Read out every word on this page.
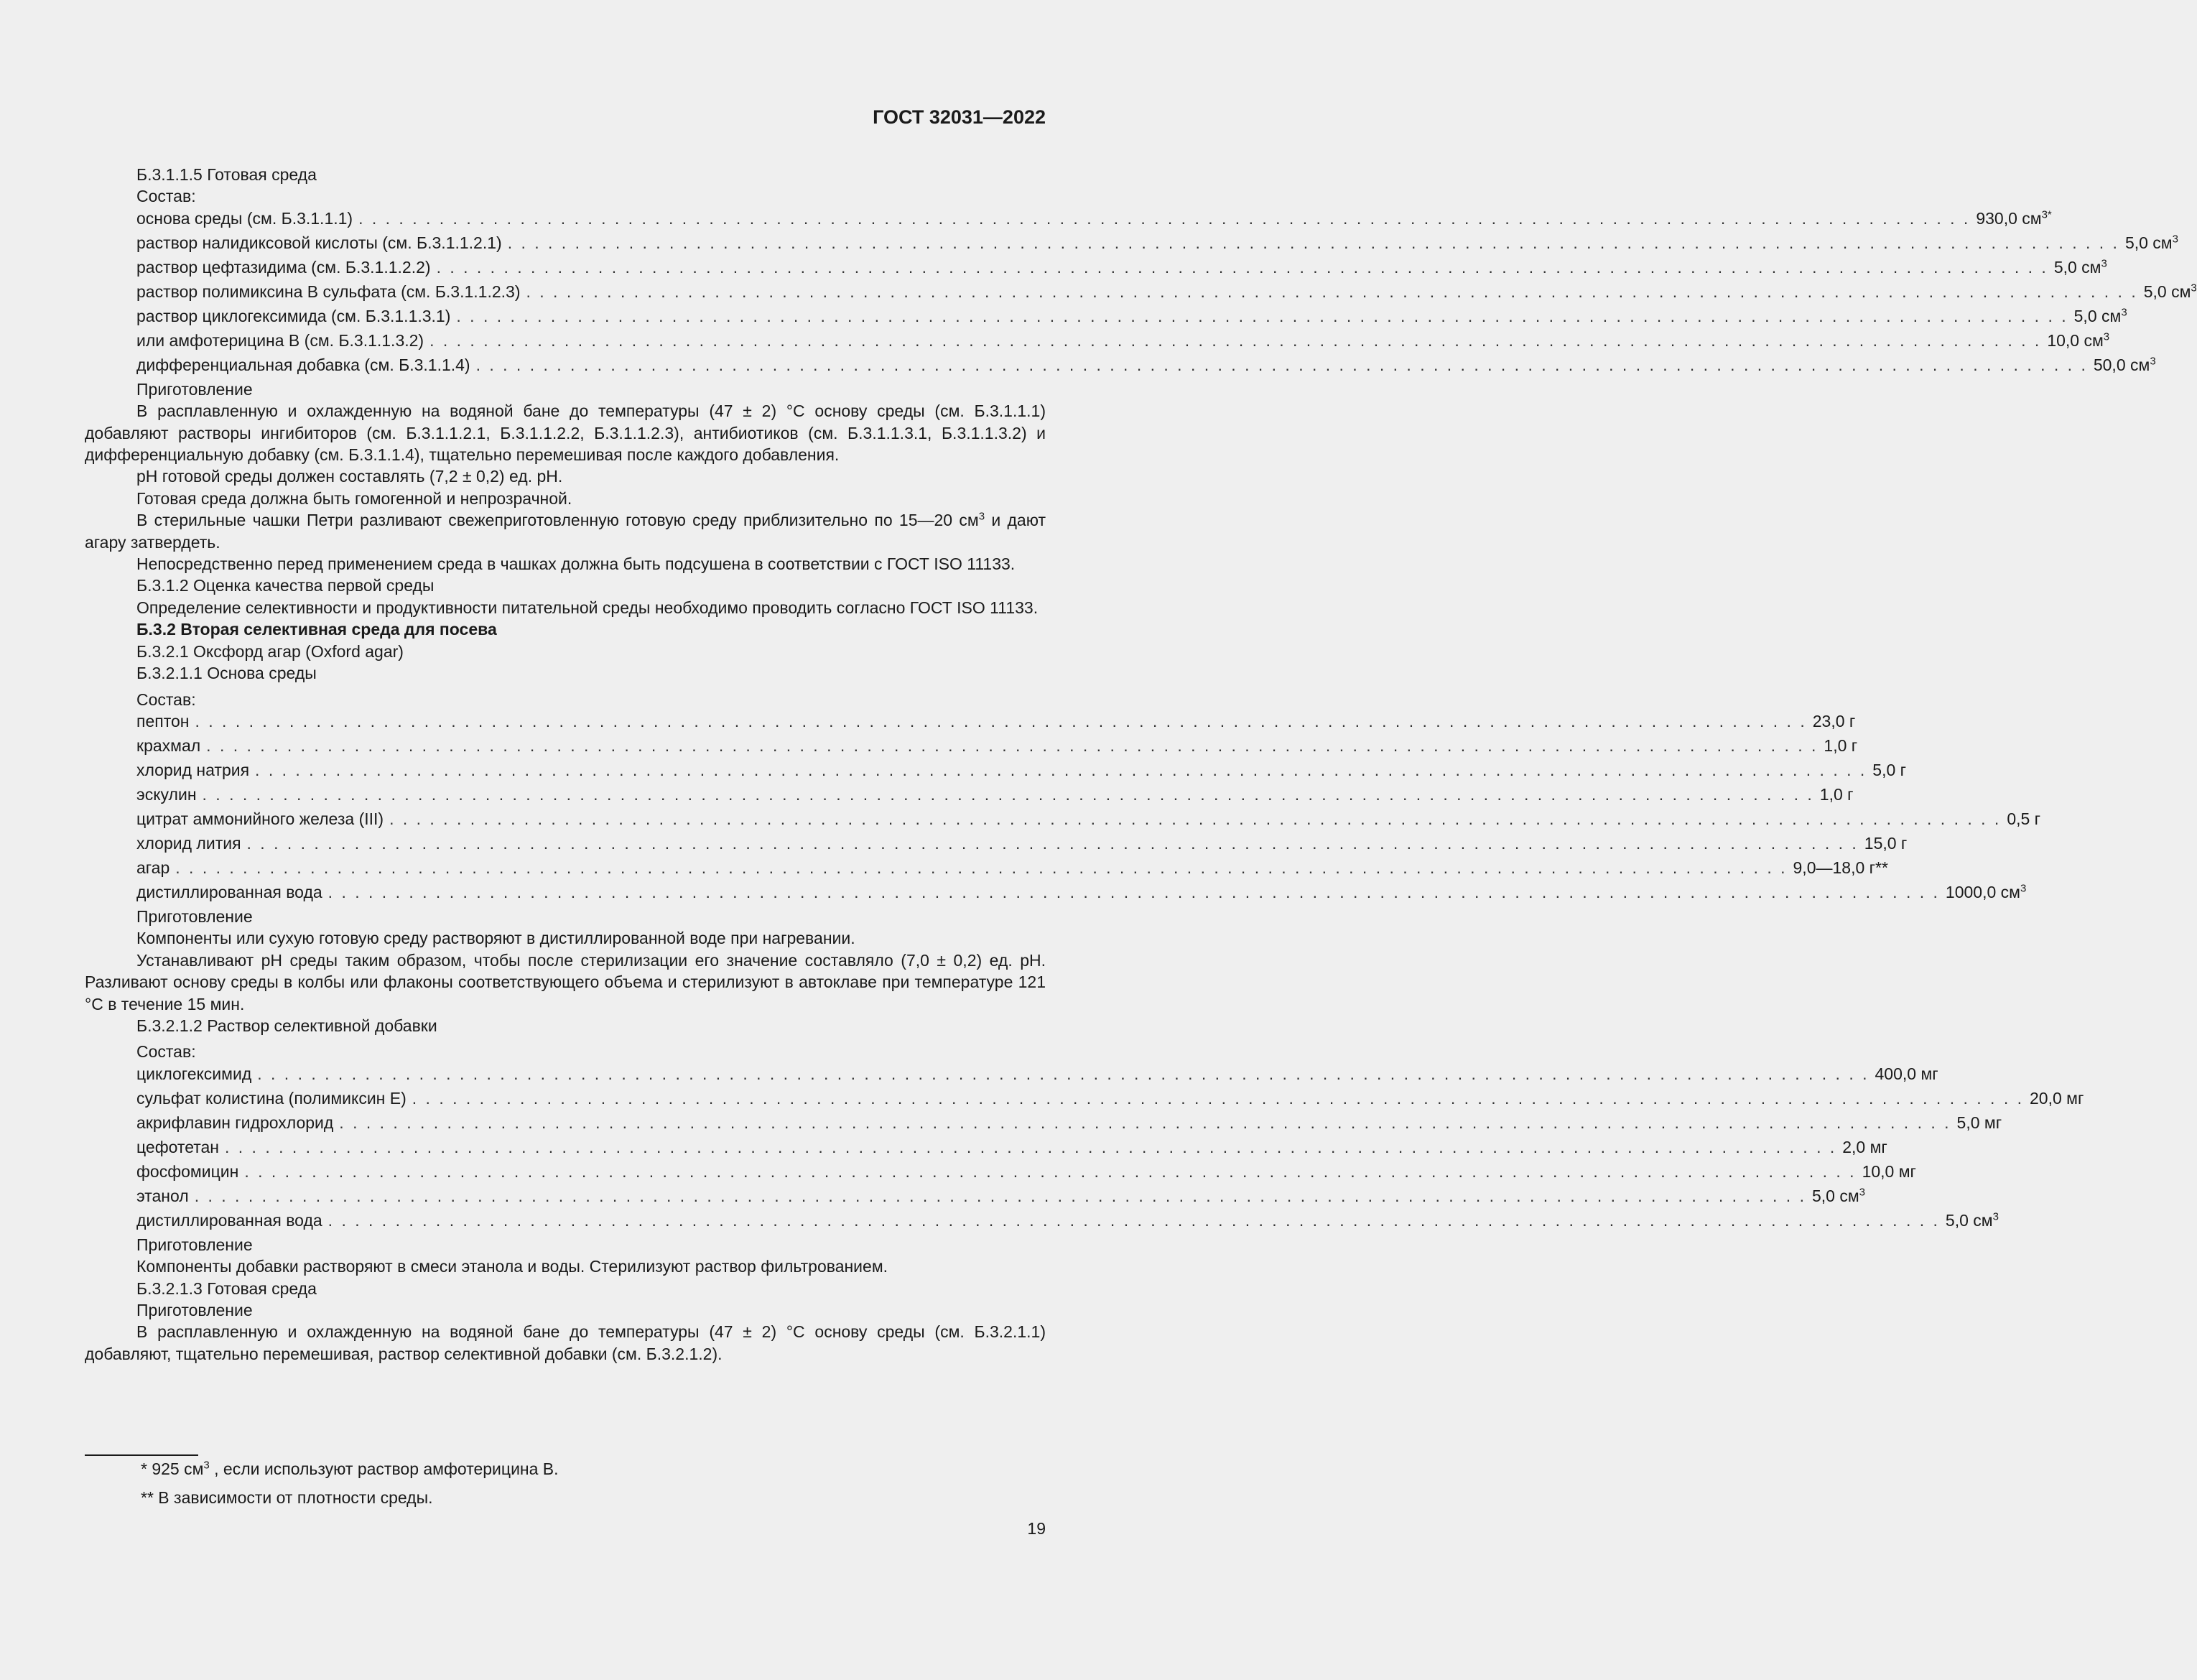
ГОСТ 32031—2022

Б.3.1.1.5 Готовая среда

Состав:

основа среды (см. Б.3.1.1.1) . . . . . . . . . . . . . . . . . . . . . . . . . . . . . . . . . . . . . . . . . . . . . . . . . . . . . . . . . . . . . . . . . . . . . . . . . . . . . . . . . . . . . . . . . . . . . . . . . . . . . . . . . . . . . . . . . . . . . . . . 930,0 $см^{3*}$
раствор налидиксовой кислоты (см. Б.3.1.1.2.1) . . . . . . . . . . . . . . . . . . . . . . . . . . . . . . . . . . . . . . . . . . . . . . . . . . . . . . . . . . . . . . . . . . . . . . . . . . . . . . . . . . . . . . . . . . . . . . . . . . . . . . . . . . . . . . . . . . . . . . . . 5,0 $см^3$
раствор цефтазидима (см. Б.3.1.1.2.2) . . . . . . . . . . . . . . . . . . . . . . . . . . . . . . . . . . . . . . . . . . . . . . . . . . . . . . . . . . . . . . . . . . . . . . . . . . . . . . . . . . . . . . . . . . . . . . . . . . . . . . . . . . . . . . . . . . . . . . . . 5,0 $см^3$
раствор полимиксина В сульфата (см. Б.3.1.1.2.3) . . . . . . . . . . . . . . . . . . . . . . . . . . . . . . . . . . . . . . . . . . . . . . . . . . . . . . . . . . . . . . . . . . . . . . . . . . . . . . . . . . . . . . . . . . . . . . . . . . . . . . . . . . . . . . . . . . . . . . . . 5,0 $см^3$
раствор циклогексимида (см. Б.3.1.1.3.1) . . . . . . . . . . . . . . . . . . . . . . . . . . . . . . . . . . . . . . . . . . . . . . . . . . . . . . . . . . . . . . . . . . . . . . . . . . . . . . . . . . . . . . . . . . . . . . . . . . . . . . . . . . . . . . . . . . . . . . . . 5,0 $см^3$
или амфотерицина В (см. Б.3.1.1.3.2) . . . . . . . . . . . . . . . . . . . . . . . . . . . . . . . . . . . . . . . . . . . . . . . . . . . . . . . . . . . . . . . . . . . . . . . . . . . . . . . . . . . . . . . . . . . . . . . . . . . . . . . . . . . . . . . . . . . . . . . . 10,0 $см^3$
дифференциальная добавка (см. Б.3.1.1.4) . . . . . . . . . . . . . . . . . . . . . . . . . . . . . . . . . . . . . . . . . . . . . . . . . . . . . . . . . . . . . . . . . . . . . . . . . . . . . . . . . . . . . . . . . . . . . . . . . . . . . . . . . . . . . . . . . . . . . . . . 50,0 $см^3$

Приготовление

В расплавленную и охлажденную на водяной бане до температуры (47 ± 2) °С основу среды (см. Б.3.1.1.1) добавляют растворы ингибиторов (см. Б.3.1.1.2.1, Б.3.1.1.2.2, Б.3.1.1.2.3), антибиотиков (см. Б.3.1.1.3.1, Б.3.1.1.3.2) и дифференциальную добавку (см. Б.3.1.1.4), тщательно перемешивая после каждого добавления.

pH готовой среды должен составлять (7,2 ± 0,2) ед. pH.

Готовая среда должна быть гомогенной и непрозрачной.

В стерильные чашки Петри разливают свежеприготовленную готовую среду приблизительно по 15—20 $см^3$ и дают агару затвердеть.

Непосредственно перед применением среда в чашках должна быть подсушена в соответствии с ГОСТ ISO 11133.

Б.3.1.2 Оценка качества первой среды

Определение селективности и продуктивности питательной среды необходимо проводить согласно ГОСТ ISO 11133.

Б.3.2 Вторая селективная среда для посева

Б.3.2.1 Оксфорд агар (Oxford agar)

Б.3.2.1.1 Основа среды

Состав:

пептон . . . . . . . . . . . . . . . . . . . . . . . . . . . . . . . . . . . . . . . . . . . . . . . . . . . . . . . . . . . . . . . . . . . . . . . . . . . . . . . . . . . . . . . . . . . . . . . . . . . . . . . . . . . . . . . . . . . . . . . . 23,0 г
крахмал . . . . . . . . . . . . . . . . . . . . . . . . . . . . . . . . . . . . . . . . . . . . . . . . . . . . . . . . . . . . . . . . . . . . . . . . . . . . . . . . . . . . . . . . . . . . . . . . . . . . . . . . . . . . . . . . . . . . . . . . 1,0 г
хлорид натрия . . . . . . . . . . . . . . . . . . . . . . . . . . . . . . . . . . . . . . . . . . . . . . . . . . . . . . . . . . . . . . . . . . . . . . . . . . . . . . . . . . . . . . . . . . . . . . . . . . . . . . . . . . . . . . . . . . . . . . . . 5,0 г
эскулин . . . . . . . . . . . . . . . . . . . . . . . . . . . . . . . . . . . . . . . . . . . . . . . . . . . . . . . . . . . . . . . . . . . . . . . . . . . . . . . . . . . . . . . . . . . . . . . . . . . . . . . . . . . . . . . . . . . . . . . . 1,0 г
цитрат аммонийного железа (III) . . . . . . . . . . . . . . . . . . . . . . . . . . . . . . . . . . . . . . . . . . . . . . . . . . . . . . . . . . . . . . . . . . . . . . . . . . . . . . . . . . . . . . . . . . . . . . . . . . . . . . . . . . . . . . . . . . . . . . . . 0,5 г
хлорид лития . . . . . . . . . . . . . . . . . . . . . . . . . . . . . . . . . . . . . . . . . . . . . . . . . . . . . . . . . . . . . . . . . . . . . . . . . . . . . . . . . . . . . . . . . . . . . . . . . . . . . . . . . . . . . . . . . . . . . . . . 15,0 г
агар . . . . . . . . . . . . . . . . . . . . . . . . . . . . . . . . . . . . . . . . . . . . . . . . . . . . . . . . . . . . . . . . . . . . . . . . . . . . . . . . . . . . . . . . . . . . . . . . . . . . . . . . . . . . . . . . . . . . . . . . 9,0—18,0 г**
дистиллированная вода . . . . . . . . . . . . . . . . . . . . . . . . . . . . . . . . . . . . . . . . . . . . . . . . . . . . . . . . . . . . . . . . . . . . . . . . . . . . . . . . . . . . . . . . . . . . . . . . . . . . . . . . . . . . . . . . . . . . . . . . 1000,0 $см^3$

Приготовление

Компоненты или сухую готовую среду растворяют в дистиллированной воде при нагревании.

Устанавливают pH среды таким образом, чтобы после стерилизации его значение составляло (7,0 ± 0,2) ед. pH. Разливают основу среды в колбы или флаконы соответствующего объема и стерилизуют в автоклаве при температуре 121 °С в течение 15 мин.

Б.3.2.1.2 Раствор селективной добавки

Состав:

циклогексимид . . . . . . . . . . . . . . . . . . . . . . . . . . . . . . . . . . . . . . . . . . . . . . . . . . . . . . . . . . . . . . . . . . . . . . . . . . . . . . . . . . . . . . . . . . . . . . . . . . . . . . . . . . . . . . . . . . . . . . . . 400,0 мг
сульфат колистина (полимиксин Е) . . . . . . . . . . . . . . . . . . . . . . . . . . . . . . . . . . . . . . . . . . . . . . . . . . . . . . . . . . . . . . . . . . . . . . . . . . . . . . . . . . . . . . . . . . . . . . . . . . . . . . . . . . . . . . . . . . . . . . . . 20,0 мг
акрифлавин гидрохлорид . . . . . . . . . . . . . . . . . . . . . . . . . . . . . . . . . . . . . . . . . . . . . . . . . . . . . . . . . . . . . . . . . . . . . . . . . . . . . . . . . . . . . . . . . . . . . . . . . . . . . . . . . . . . . . . . . . . . . . . . 5,0 мг
цефотетан . . . . . . . . . . . . . . . . . . . . . . . . . . . . . . . . . . . . . . . . . . . . . . . . . . . . . . . . . . . . . . . . . . . . . . . . . . . . . . . . . . . . . . . . . . . . . . . . . . . . . . . . . . . . . . . . . . . . . . . . 2,0 мг
фосфомицин . . . . . . . . . . . . . . . . . . . . . . . . . . . . . . . . . . . . . . . . . . . . . . . . . . . . . . . . . . . . . . . . . . . . . . . . . . . . . . . . . . . . . . . . . . . . . . . . . . . . . . . . . . . . . . . . . . . . . . . . 10,0 мг
этанол . . . . . . . . . . . . . . . . . . . . . . . . . . . . . . . . . . . . . . . . . . . . . . . . . . . . . . . . . . . . . . . . . . . . . . . . . . . . . . . . . . . . . . . . . . . . . . . . . . . . . . . . . . . . . . . . . . . . . . . . 5,0 $см^3$
дистиллированная вода . . . . . . . . . . . . . . . . . . . . . . . . . . . . . . . . . . . . . . . . . . . . . . . . . . . . . . . . . . . . . . . . . . . . . . . . . . . . . . . . . . . . . . . . . . . . . . . . . . . . . . . . . . . . . . . . . . . . . . . . 5,0 $см^3$

Приготовление

Компоненты добавки растворяют в смеси этанола и воды. Стерилизуют раствор фильтрованием.

Б.3.2.1.3 Готовая среда

Приготовление

В расплавленную и охлажденную на водяной бане до температуры (47 ± 2) °С основу среды (см. Б.3.2.1.1) добавляют, тщательно перемешивая, раствор селективной добавки (см. Б.3.2.1.2).

* 925 $см^3$ , если используют раствор амфотерицина В.
** В зависимости от плотности среды.
19
